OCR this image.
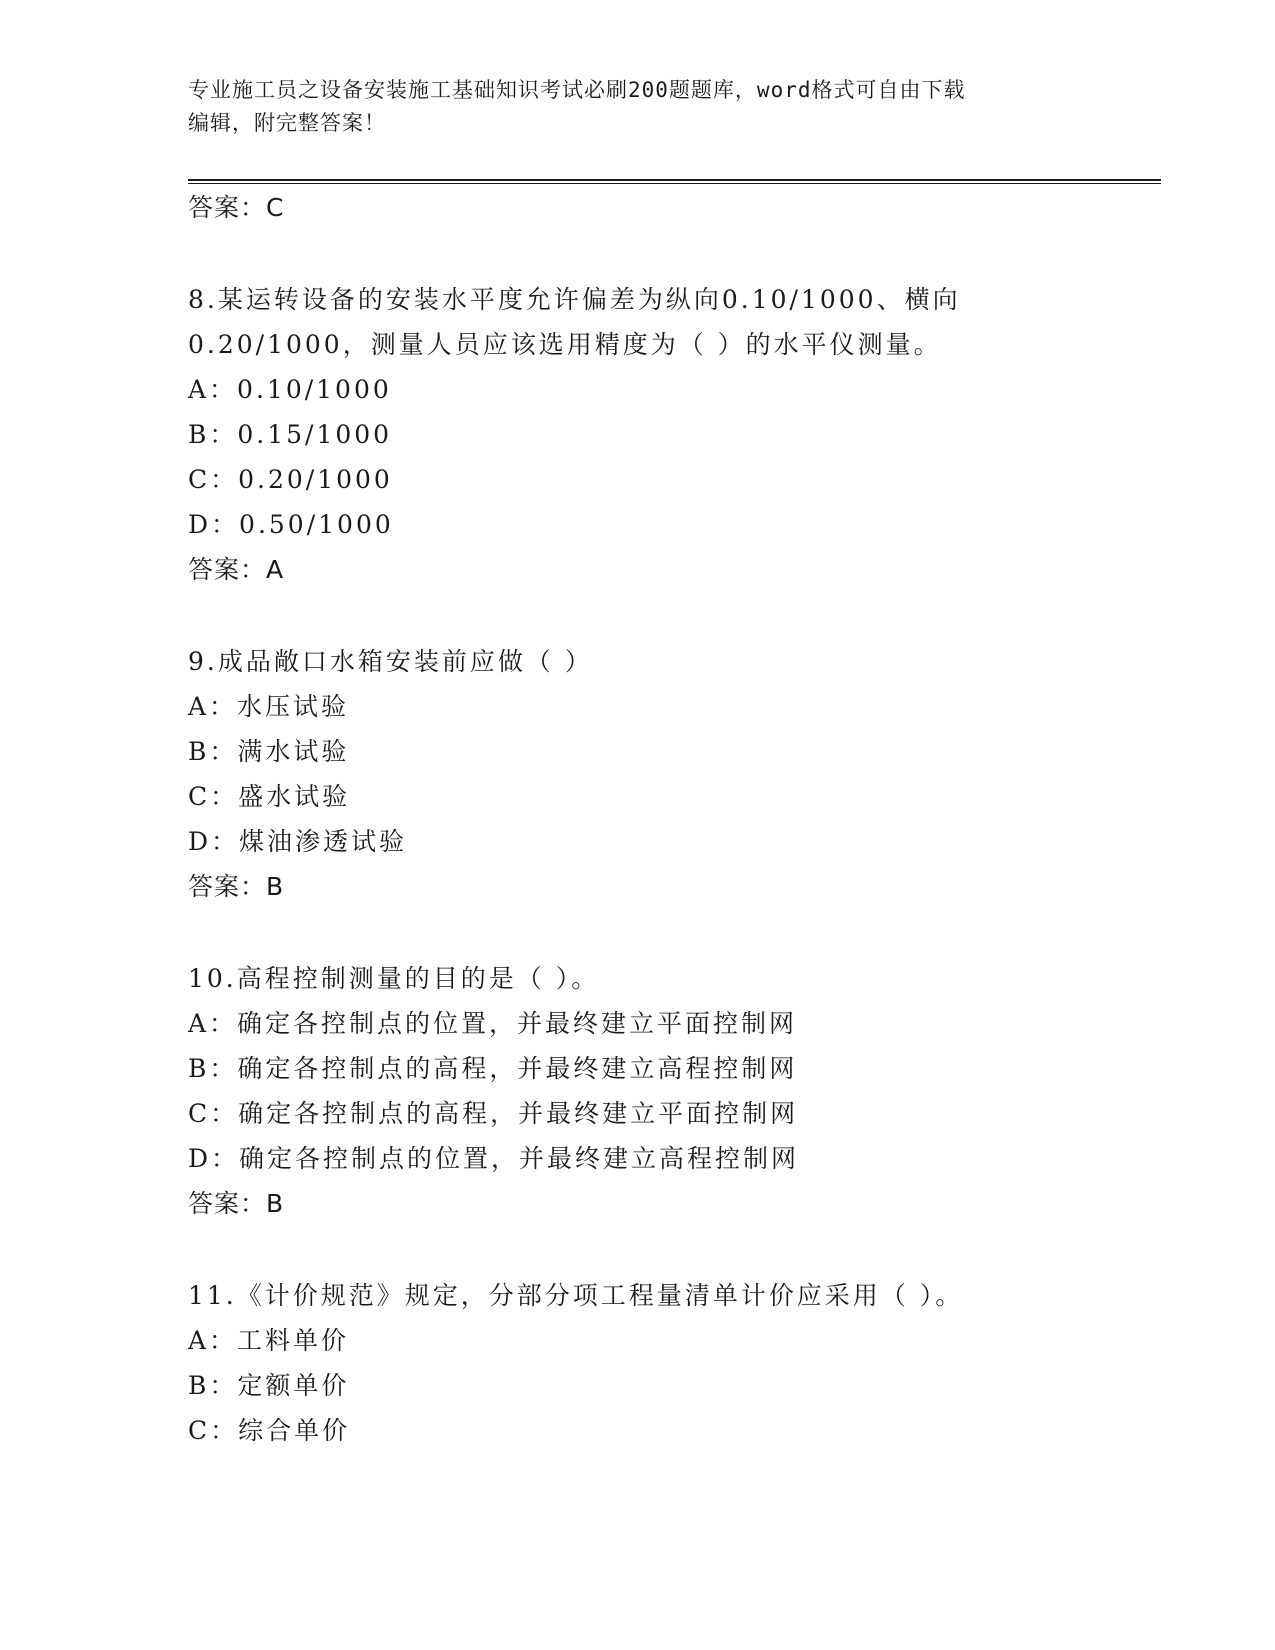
专业施工员之设备安装施工基础知识考试必刷200题题库，word格式可自由下载
编辑，附完整答案！
答案：C
8.某运转设备的安装水平度允许偏差为纵向0.10/1000、横向
0.20/1000，测量人员应该选用精度为（ ）的水平仪测量。
A：0.10/1000
B：0.15/1000
C：0.20/1000
D：0.50/1000
答案：A
9.成品敞口水箱安装前应做（ ）
A：水压试验
B：满水试验
C：盛水试验
D：煤油渗透试验
答案：B
10.高程控制测量的目的是（ ）。
A：确定各控制点的位置，并最终建立平面控制网
B：确定各控制点的高程，并最终建立高程控制网
C：确定各控制点的高程，并最终建立平面控制网
D：确定各控制点的位置，并最终建立高程控制网
答案：B
11.《计价规范》规定，分部分项工程量清单计价应采用（ ）。
A：工料单价
B：定额单价
C：综合单价
